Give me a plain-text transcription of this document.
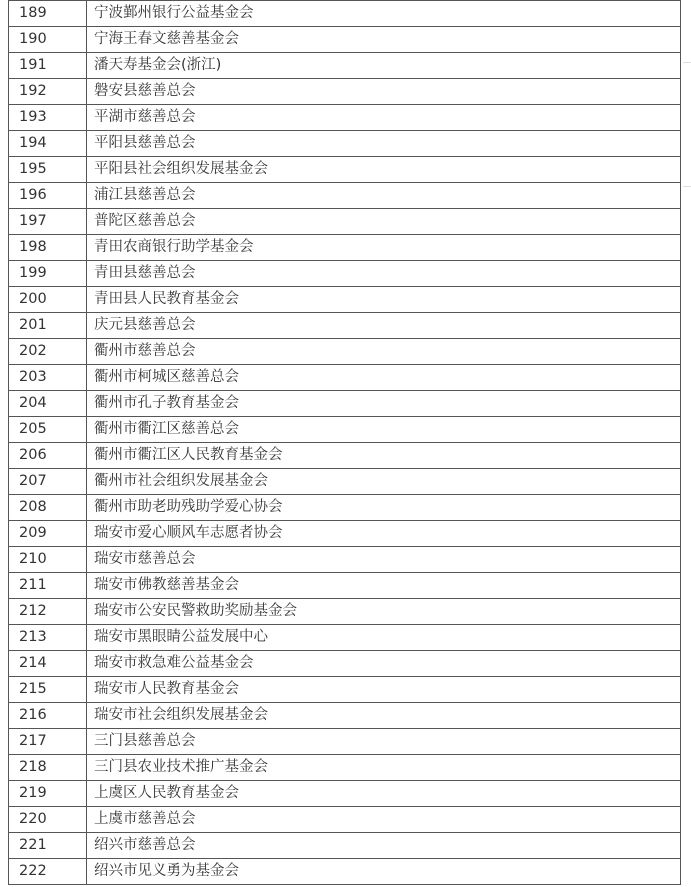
189	宁波鄞州银行公益基金会
190	宁海王春文慈善基金会
191	潘天寿基金会(浙江)
192	磐安县慈善总会
193	平湖市慈善总会
194	平阳县慈善总会
195	平阳县社会组织发展基金会
196	浦江县慈善总会
197	普陀区慈善总会
198	青田农商银行助学基金会
199	青田县慈善总会
200	青田县人民教育基金会
201	庆元县慈善总会
202	衢州市慈善总会
203	衢州市柯城区慈善总会
204	衢州市孔子教育基金会
205	衢州市衢江区慈善总会
206	衢州市衢江区人民教育基金会
207	衢州市社会组织发展基金会
208	衢州市助老助残助学爱心协会
209	瑞安市爱心顺风车志愿者协会
210	瑞安市慈善总会
211	瑞安市佛教慈善基金会
212	瑞安市公安民警救助奖励基金会
213	瑞安市黑眼睛公益发展中心
214	瑞安市救急难公益基金会
215	瑞安市人民教育基金会
216	瑞安市社会组织发展基金会
217	三门县慈善总会
218	三门县农业技术推广基金会
219	上虞区人民教育基金会
220	上虞市慈善总会
221	绍兴市慈善总会
222	绍兴市见义勇为基金会
